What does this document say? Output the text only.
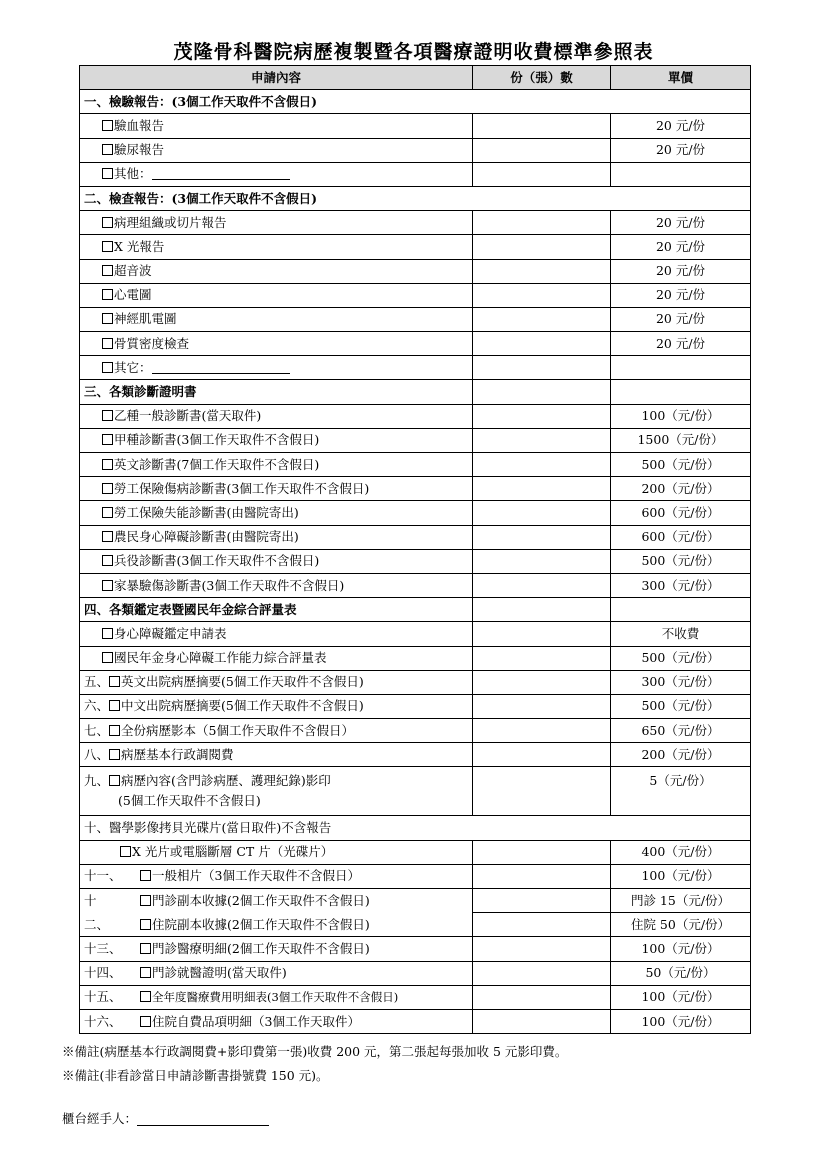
茂隆骨科醫院病歷複製暨各項醫療證明收費標準參照表
申請內容	份（張）數	單價
一、檢驗報告：(3個工作天取件不含假日)		
驗血報告		20 元/份
驗尿報告		20 元/份
其他：		
二、檢查報告：(3個工作天取件不含假日)		
病理組織或切片報告		20 元/份
X 光報告		20 元/份
超音波		20 元/份
心電圖		20 元/份
神經肌電圖		20 元/份
骨質密度檢查		20 元/份
其它：		
三、各類診斷證明書		
乙種一般診斷書(當天取件)		100（元/份）
甲種診斷書(3個工作天取件不含假日)		1500（元/份）
英文診斷書(7個工作天取件不含假日)		500（元/份）
勞工保險傷病診斷書(3個工作天取件不含假日)		200（元/份）
勞工保險失能診斷書(由醫院寄出)		600（元/份）
農民身心障礙診斷書(由醫院寄出)		600（元/份）
兵役診斷書(3個工作天取件不含假日)		500（元/份）
家暴驗傷診斷書(3個工作天取件不含假日)		300（元/份）
四、各類鑑定表暨國民年金綜合評量表		
身心障礙鑑定申請表		不收費
國民年金身心障礙工作能力綜合評量表		500（元/份）
五、 英文出院病歷摘要(5個工作天取件不含假日)		300（元/份）
六、 中文出院病歷摘要(5個工作天取件不含假日)		500（元/份）
七、 全份病歷影本（5個工作天取件不含假日）		650（元/份）
八、 病歷基本行政調閱費		200（元/份）
九、 病歷內容(含門診病歷、護理紀錄)影印
(5個工作天取件不含假日)		5（元/份）
十、醫學影像拷貝光碟片(當日取件)不含報告		
X 光片或電腦斷層 CT 片（光碟片）		400（元/份）
十一、 一般相片（3個工作天取件不含假日）		100（元/份）
十 門診副本收據(2個工作天取件不含假日)		門診 15（元/份）
二、 住院副本收據(2個工作天取件不含假日)		住院 50（元/份）
十三、 門診醫療明細(2個工作天取件不含假日)		100（元/份）
十四、 門診就醫證明(當天取件)		50（元/份）
十五、 全年度醫療費用明細表(3個工作天取件不含假日)		100（元/份）
十六、 住院自費品項明細（3個工作天取件）		100（元/份）
※備註(病歷基本行政調閱費+影印費第一張)收費 200 元，第二張起每張加收 5 元影印費。
※備註(非看診當日申請診斷書掛號費 150 元)。
櫃台經手人：
